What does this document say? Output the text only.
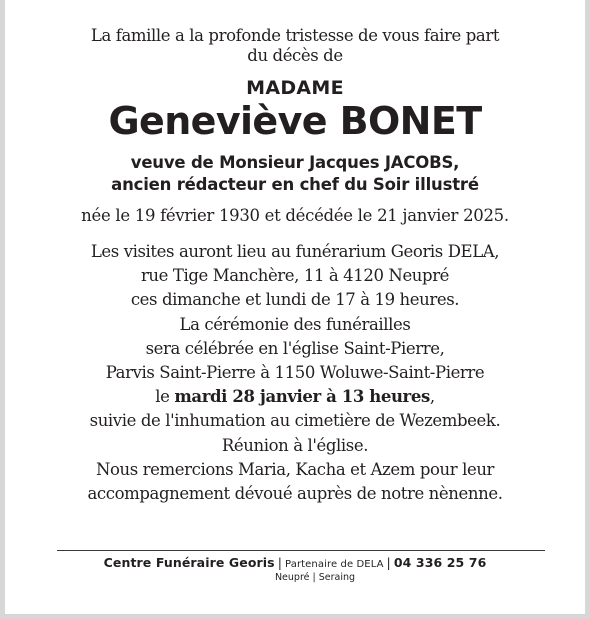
La famille a la profonde tristesse de vous faire part
du décès de
MADAME
Geneviève BONET
veuve de Monsieur Jacques JACOBS,
ancien rédacteur en chef du Soir illustré
née le 19 février 1930 et décédée le 21 janvier 2025.
Les visites auront lieu au funérarium Georis DELA,
rue Tige Manchère, 11 à 4120 Neupré
ces dimanche et lundi de 17 à 19 heures.
La cérémonie des funérailles
sera célébrée en l'église Saint-Pierre,
Parvis Saint-Pierre à 1150 Woluwe-Saint-Pierre
le mardi 28 janvier à 13 heures,
suivie de l'inhumation au cimetière de Wezembeek.
Réunion à l'église.
Nous remercions Maria, Kacha et Azem pour leur
accompagnement dévoué auprès de notre nènenne.
Centre Funéraire Georis | Partenaire de DELA | 04 336 25 76
Neupré | Seraing
